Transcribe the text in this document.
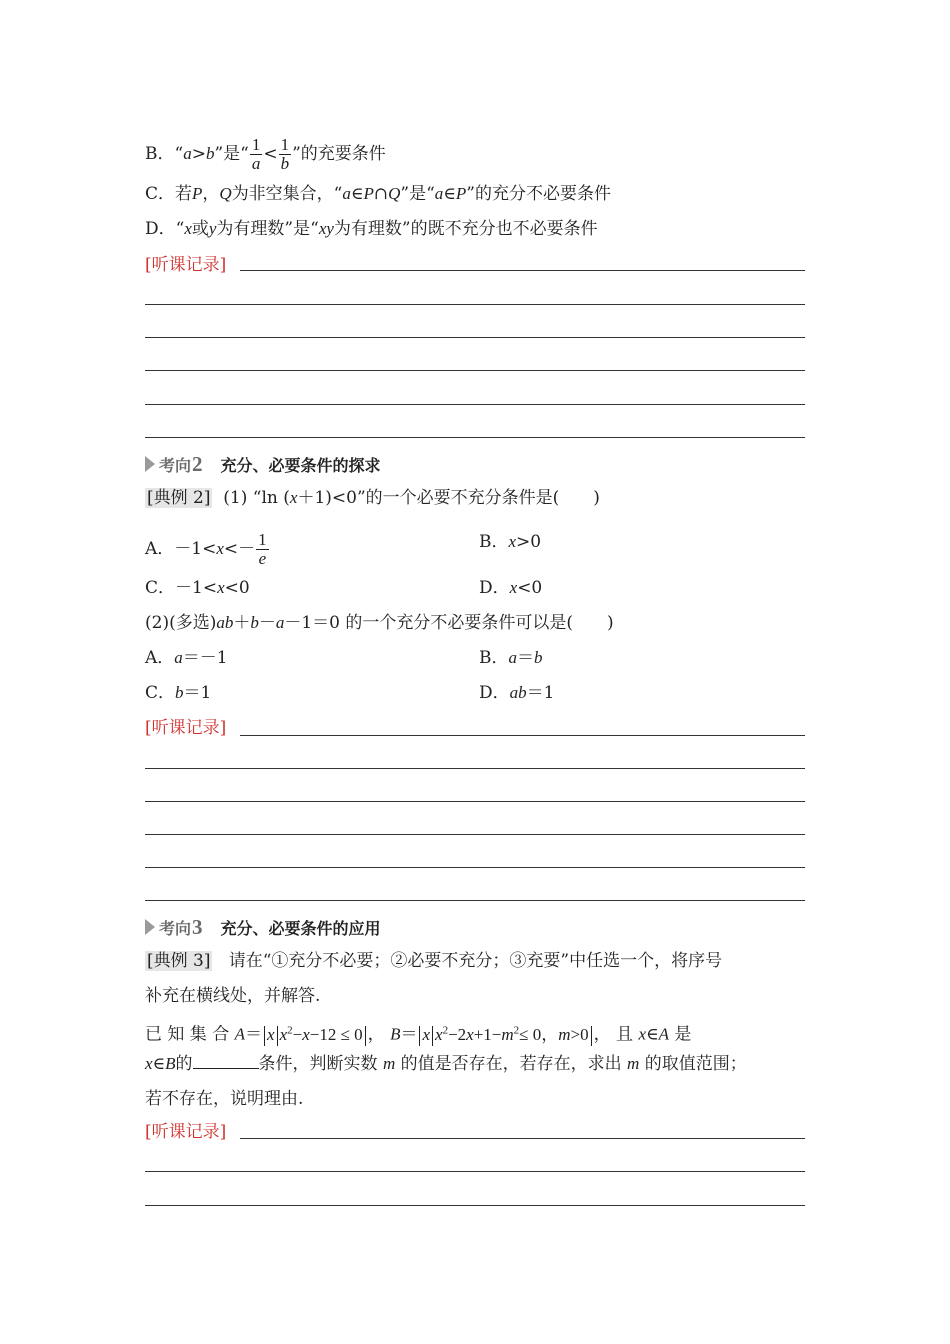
B．“a>b”是“ $\frac{1}{a} < \frac{1}{b}$ ”的充要条件
C．若P，Q为非空集合，“a∈P∩Q”是“a∈P”的充分不必要条件
D．“x或y为有理数”是“xy为有理数”的既不充分也不必要条件
[听课记录]
考向 2 充分、必要条件的探求
[典例 2] (1) “ln (x＋1)<0”的一个必要不充分条件是(　　)
A．$-1<x<- \frac{1}{e}$	B．x>0
C．－1<x<0	D．x<0
(2)(多选)ab＋b－a－1＝0 的一个充分不必要条件可以是(　　)
A．a＝－1	B．a＝b
C．b＝1	D．ab＝1
[听课记录]
考向 3 充分、必要条件的应用
[典例 3] 请在“①充分不必要；②必要不充分；③充要”中任选一个，将序号
补充在横线处，并解答.
已 知 集 合 A＝ x $x^2-x-12 \le 0$ ， B＝ x $x^2-2x+1-m^2\le 0$，m>0 ， 且 x∈A 是
x∈B的	条件，判断实数 m 的值是否存在，若存在，求出 m 的取值范围；
若不存在，说明理由.
[听课记录]
